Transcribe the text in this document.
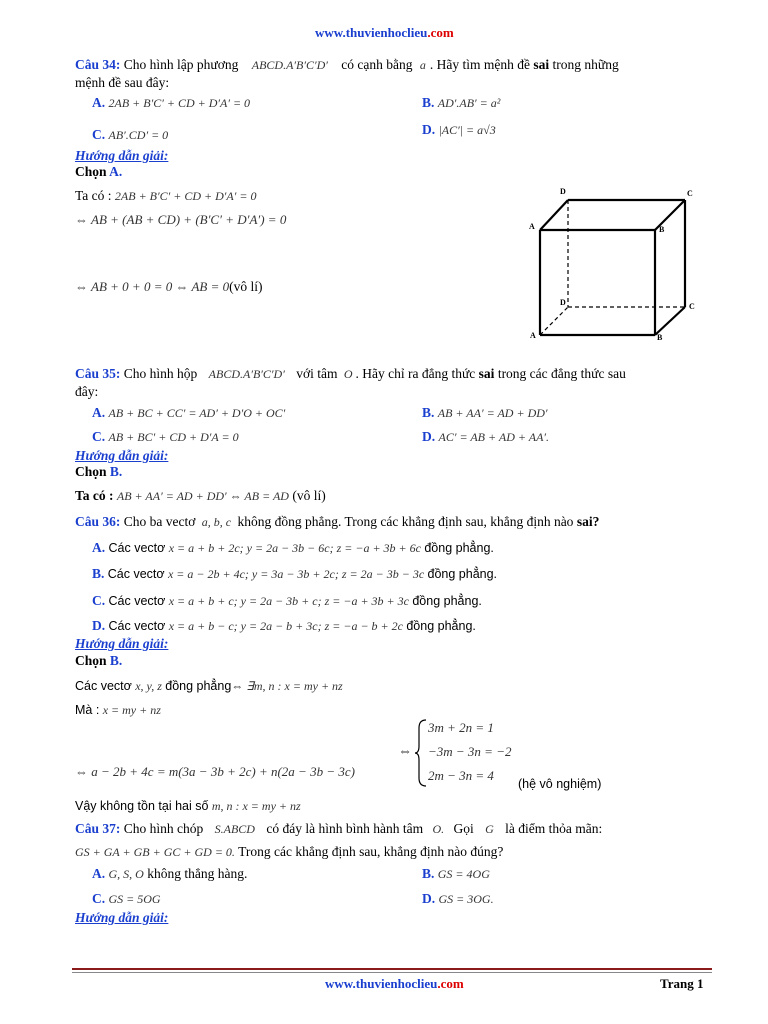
www.thuvienhoclieu.com
Câu 34: Cho hình lập phương ABCD.A′B′C′D′ có cạnh bằng a . Hãy tìm mệnh đề sai trong những
mệnh đề sau đây:
A. 2AB + B′C′ + CD + D′A′ = 0	B. AD′.AB′ = a²
C. AB′.CD′ = 0	D. |AC′| = a√3
Hướng dẫn giải:
Chọn A.
Ta có : 2AB + B′C′ + CD + D′A′ = 0
⇔ AB + (AB + CD) + (B′C′ + D′A′) = 0
⇔ AB + 0 + 0 = 0 ⇔ AB = 0(vô lí)
D	C
A	B
D	C
A	B
Câu 35: Cho hình hộp ABCD.A′B′C′D′ với tâm O . Hãy chỉ ra đẳng thức sai trong các đẳng thức sau
đây:
A. AB + BC + CC′ = AD′ + D′O + OC′	B. AB + AA′ = AD + DD′
C. AB + BC′ + CD + D′A = 0	D. AC′ = AB + AD + AA′.
Hướng dẫn giải:
Chọn B.
Ta có : AB + AA′ = AD + DD′ ⇔ AB = AD (vô lí)
Câu 36: Cho ba vectơ a, b, c không đồng phẳng. Trong các khẳng định sau, khẳng định nào sai?
A. Các vectơ x = a + b + 2c; y = 2a − 3b − 6c; z = −a + 3b + 6c đồng phẳng.
B. Các vectơ x = a − 2b + 4c; y = 3a − 3b + 2c; z = 2a − 3b − 3c đồng phẳng.
C. Các vectơ x = a + b + c; y = 2a − 3b + c; z = −a + 3b + 3c đồng phẳng.
D. Các vectơ x = a + b − c; y = 2a − b + 3c; z = −a − b + 2c đồng phẳng.
Hướng dẫn giải:
Chọn B.
Các vectơ x, y, z đồng phẳng⇔ ∃m, n : x = my + nz
Mà : x = my + nz
⇔ a − 2b + 4c = m(3a − 3b + 2c) + n(2a − 3b − 3c)
⇔
3m + 2n = 1
−3m − 3n = −2
2m − 3n = 4
(hệ vô nghiệm)
Vậy không tồn tại hai số m, n : x = my + nz
Câu 37: Cho hình chóp S.ABCD có đáy là hình bình hành tâm O. Gọi G là điểm thỏa mãn:
GS + GA + GB + GC + GD = 0. Trong các khẳng định sau, khẳng định nào đúng?
A. G, S, O không thẳng hàng.	B. GS = 4OG
C. GS = 5OG	D. GS = 3OG.
Hướng dẫn giải:
www.thuvienhoclieu.com	Trang 1
